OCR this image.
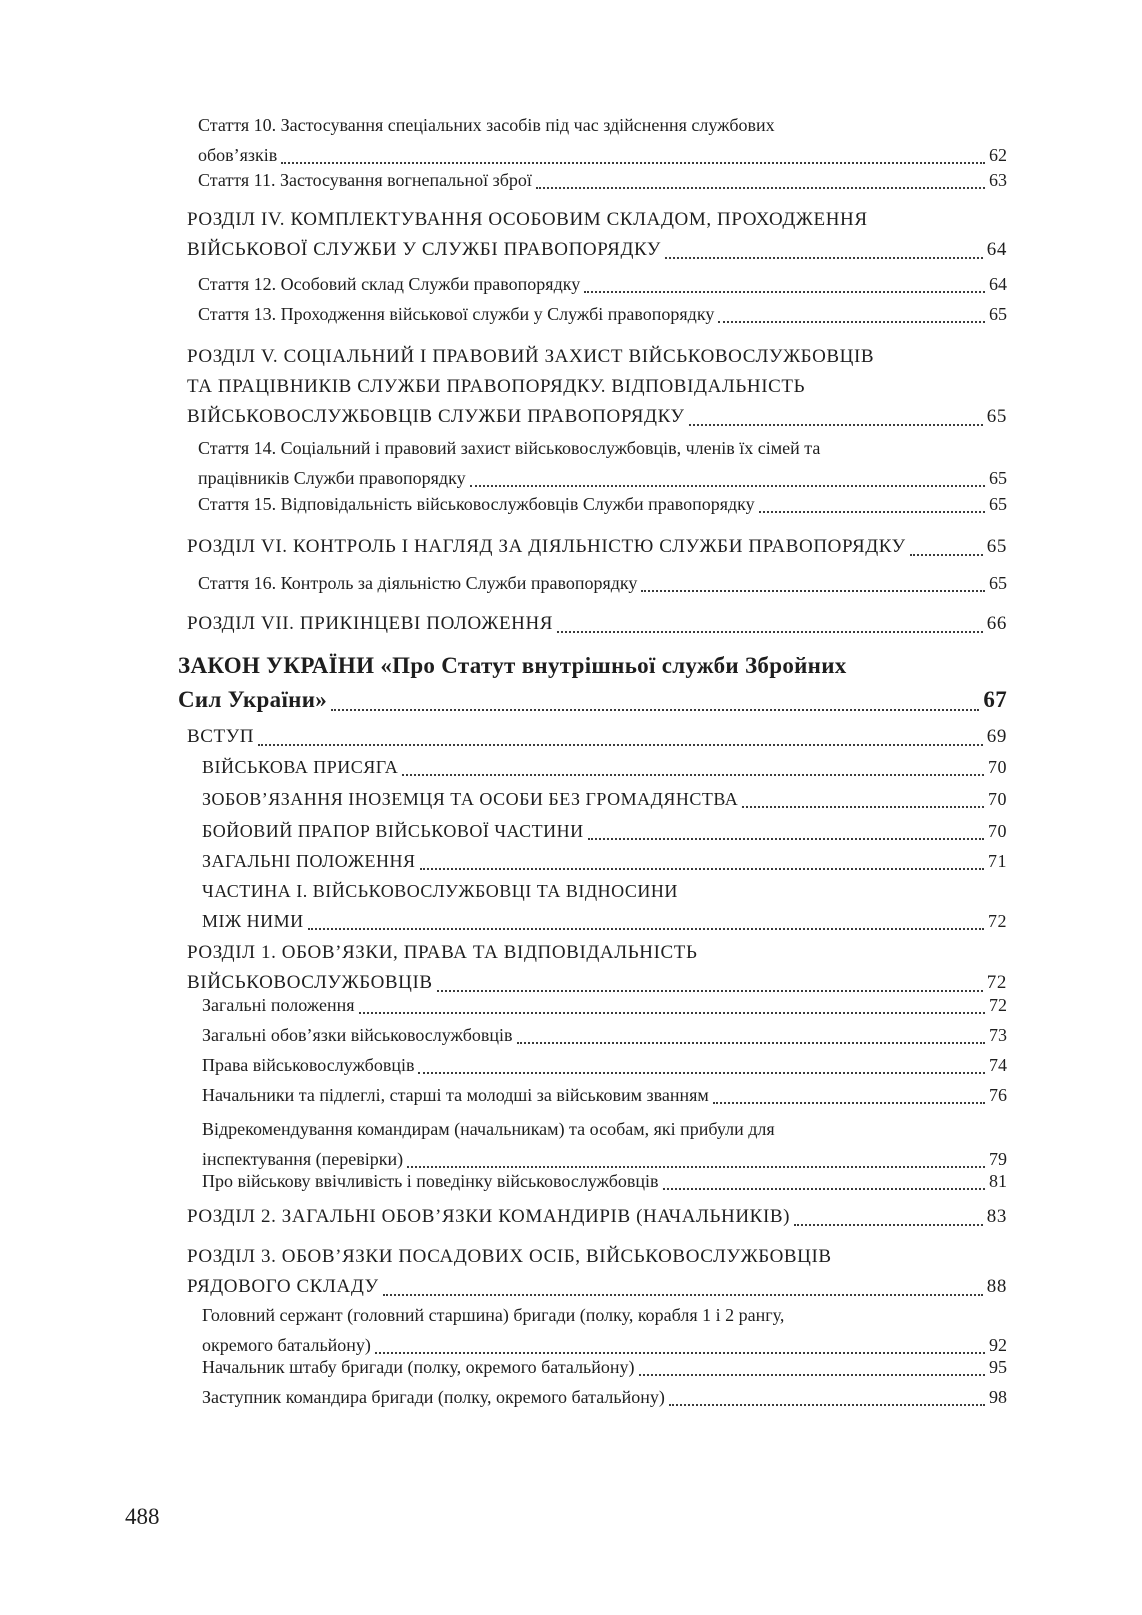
Стаття 10. Застосування спеціальних засобів під час здійснення службових
обов’язків	62
Стаття 11. Застосування вогнепальної зброї	63
РОЗДІЛ IV. КОМПЛЕКТУВАННЯ ОСОБОВИМ СКЛАДОМ, ПРОХОДЖЕННЯ
ВІЙСЬКОВОЇ СЛУЖБИ У СЛУЖБІ ПРАВОПОРЯДКУ	64
Стаття 12. Особовий склад Служби правопорядку	64
Стаття 13. Проходження військової служби у Службі правопорядку	65
РОЗДІЛ V. СОЦІАЛЬНИЙ І ПРАВОВИЙ ЗАХИСТ ВІЙСЬКОВОСЛУЖБОВЦІВ
ТА ПРАЦІВНИКІВ СЛУЖБИ ПРАВОПОРЯДКУ. ВІДПОВІДАЛЬНІСТЬ
ВІЙСЬКОВОСЛУЖБОВЦІВ СЛУЖБИ ПРАВОПОРЯДКУ	65
Стаття 14. Соціальний і правовий захист військовослужбовців, членів їх сімей та
працівників Служби правопорядку	65
Стаття 15. Відповідальність військовослужбовців Служби правопорядку	65
РОЗДІЛ VI. КОНТРОЛЬ І НАГЛЯД ЗА ДІЯЛЬНІСТЮ СЛУЖБИ ПРАВОПОРЯДКУ	65
Стаття 16. Контроль за діяльністю Служби правопорядку	65
РОЗДІЛ VII. ПРИКІНЦЕВІ ПОЛОЖЕННЯ	66
ЗАКОН УКРАЇНИ «Про Статут внутрішньої служби Збройних
Сил України»	67
ВСТУП	69
ВІЙСЬКОВА ПРИСЯГА	70
ЗОБОВ’ЯЗАННЯ ІНОЗЕМЦЯ ТА ОСОБИ БЕЗ ГРОМАДЯНСТВА	70
БОЙОВИЙ ПРАПОР ВІЙСЬКОВОЇ ЧАСТИНИ	70
ЗАГАЛЬНІ ПОЛОЖЕННЯ	71
ЧАСТИНА І. ВІЙСЬКОВОСЛУЖБОВЦІ ТА ВІДНОСИНИ
МІЖ НИМИ	72
РОЗДІЛ 1. ОБОВ’ЯЗКИ, ПРАВА ТА ВІДПОВІДАЛЬНІСТЬ
ВІЙСЬКОВОСЛУЖБОВЦІВ	72
Загальні положення	72
Загальні обов’язки військовослужбовців	73
Права військовослужбовців	74
Начальники та підлеглі, старші та молодші за військовим званням	76
Відрекомендування командирам (начальникам) та особам, які прибули для
інспектування (перевірки)	79
Про військову ввічливість і поведінку військовослужбовців	81
РОЗДІЛ 2. ЗАГАЛЬНІ ОБОВ’ЯЗКИ КОМАНДИРІВ (НАЧАЛЬНИКІВ)	83
РОЗДІЛ 3. ОБОВ’ЯЗКИ ПОСАДОВИХ ОСІБ, ВІЙСЬКОВОСЛУЖБОВЦІВ
РЯДОВОГО СКЛАДУ	88
Головний сержант (головний старшина) бригади (полку, корабля 1 і 2 рангу,
окремого батальйону)	92
Начальник штабу бригади (полку, окремого батальйону)	95
Заступник командира бригади (полку, окремого батальйону)	98
488
